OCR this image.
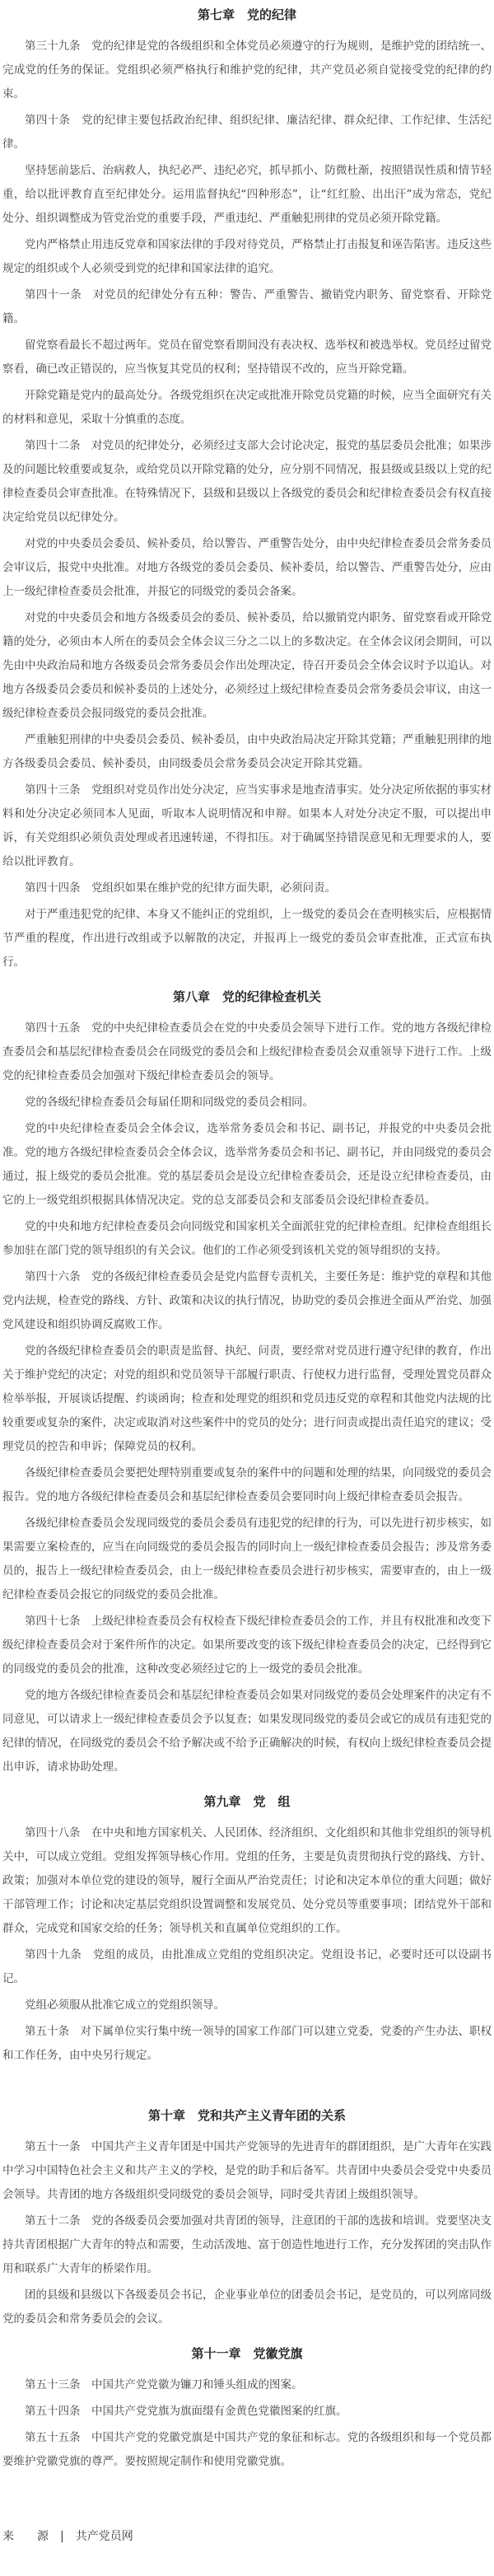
第七章　党的纪律

第三十九条　党的纪律是党的各级组织和全体党员必须遵守的行为规则，是维护党的团结统一、完成党的任务的保证。党组织必须严格执行和维护党的纪律，共产党员必须自觉接受党的纪律的约束。

第四十条　党的纪律主要包括政治纪律、组织纪律、廉洁纪律、群众纪律、工作纪律、生活纪律。

坚持惩前毖后、治病救人，执纪必严、违纪必究，抓早抓小、防微杜渐，按照错误性质和情节轻重，给以批评教育直至纪律处分。运用监督执纪“四种形态”，让“红红脸、出出汗”成为常态，党纪处分、组织调整成为管党治党的重要手段，严重违纪、严重触犯刑律的党员必须开除党籍。

党内严格禁止用违反党章和国家法律的手段对待党员，严格禁止打击报复和诬告陷害。违反这些规定的组织或个人必须受到党的纪律和国家法律的追究。

第四十一条　对党员的纪律处分有五种：警告、严重警告、撤销党内职务、留党察看、开除党籍。

留党察看最长不超过两年。党员在留党察看期间没有表决权、选举权和被选举权。党员经过留党察看，确已改正错误的，应当恢复其党员的权利；坚持错误不改的，应当开除党籍。

开除党籍是党内的最高处分。各级党组织在决定或批准开除党员党籍的时候，应当全面研究有关的材料和意见，采取十分慎重的态度。

第四十二条　对党员的纪律处分，必须经过支部大会讨论决定，报党的基层委员会批准；如果涉及的问题比较重要或复杂，或给党员以开除党籍的处分，应分别不同情况，报县级或县级以上党的纪律检查委员会审查批准。在特殊情况下，县级和县级以上各级党的委员会和纪律检查委员会有权直接决定给党员以纪律处分。

对党的中央委员会委员、候补委员，给以警告、严重警告处分，由中央纪律检查委员会常务委员会审议后，报党中央批准。对地方各级党的委员会委员、候补委员，给以警告、严重警告处分，应由上一级纪律检查委员会批准，并报它的同级党的委员会备案。

对党的中央委员会和地方各级委员会的委员、候补委员，给以撤销党内职务、留党察看或开除党籍的处分，必须由本人所在的委员会全体会议三分之二以上的多数决定。在全体会议闭会期间，可以先由中央政治局和地方各级委员会常务委员会作出处理决定，待召开委员会全体会议时予以追认。对地方各级委员会委员和候补委员的上述处分，必须经过上级纪律检查委员会常务委员会审议，由这一级纪律检查委员会报同级党的委员会批准。

严重触犯刑律的中央委员会委员、候补委员，由中央政治局决定开除其党籍；严重触犯刑律的地方各级委员会委员、候补委员，由同级委员会常务委员会决定开除其党籍。

第四十三条　党组织对党员作出处分决定，应当实事求是地查清事实。处分决定所依据的事实材料和处分决定必须同本人见面，听取本人说明情况和申辩。如果本人对处分决定不服，可以提出申诉，有关党组织必须负责处理或者迅速转递，不得扣压。对于确属坚持错误意见和无理要求的人，要给以批评教育。

第四十四条　党组织如果在维护党的纪律方面失职，必须问责。

对于严重违犯党的纪律、本身又不能纠正的党组织，上一级党的委员会在查明核实后，应根据情节严重的程度，作出进行改组或予以解散的决定，并报再上一级党的委员会审查批准，正式宣布执行。

第八章　党的纪律检查机关

第四十五条　党的中央纪律检查委员会在党的中央委员会领导下进行工作。党的地方各级纪律检查委员会和基层纪律检查委员会在同级党的委员会和上级纪律检查委员会双重领导下进行工作。上级党的纪律检查委员会加强对下级纪律检查委员会的领导。

党的各级纪律检查委员会每届任期和同级党的委员会相同。

党的中央纪律检查委员会全体会议，选举常务委员会和书记、副书记，并报党的中央委员会批准。党的地方各级纪律检查委员会全体会议，选举常务委员会和书记、副书记，并由同级党的委员会通过，报上级党的委员会批准。党的基层委员会是设立纪律检查委员会，还是设立纪律检查委员，由它的上一级党组织根据具体情况决定。党的总支部委员会和支部委员会设纪律检查委员。

党的中央和地方纪律检查委员会向同级党和国家机关全面派驻党的纪律检查组。纪律检查组组长参加驻在部门党的领导组织的有关会议。他们的工作必须受到该机关党的领导组织的支持。

第四十六条　党的各级纪律检查委员会是党内监督专责机关，主要任务是：维护党的章程和其他党内法规，检查党的路线、方针、政策和决议的执行情况，协助党的委员会推进全面从严治党、加强党风建设和组织协调反腐败工作。

党的各级纪律检查委员会的职责是监督、执纪、问责，要经常对党员进行遵守纪律的教育，作出关于维护党纪的决定；对党的组织和党员领导干部履行职责、行使权力进行监督，受理处置党员群众检举举报，开展谈话提醒、约谈函询；检查和处理党的组织和党员违反党的章程和其他党内法规的比较重要或复杂的案件，决定或取消对这些案件中的党员的处分；进行问责或提出责任追究的建议；受理党员的控告和申诉；保障党员的权利。

各级纪律检查委员会要把处理特别重要或复杂的案件中的问题和处理的结果，向同级党的委员会报告。党的地方各级纪律检查委员会和基层纪律检查委员会要同时向上级纪律检查委员会报告。

各级纪律检查委员会发现同级党的委员会委员有违犯党的纪律的行为，可以先进行初步核实，如果需要立案检查的，应当在向同级党的委员会报告的同时向上一级纪律检查委员会报告；涉及常务委员的，报告上一级纪律检查委员会，由上一级纪律检查委员会进行初步核实，需要审查的，由上一级纪律检查委员会报它的同级党的委员会批准。

第四十七条　上级纪律检查委员会有权检查下级纪律检查委员会的工作，并且有权批准和改变下级纪律检查委员会对于案件所作的决定。如果所要改变的该下级纪律检查委员会的决定，已经得到它的同级党的委员会的批准，这种改变必须经过它的上一级党的委员会批准。

党的地方各级纪律检查委员会和基层纪律检查委员会如果对同级党的委员会处理案件的决定有不同意见，可以请求上一级纪律检查委员会予以复查；如果发现同级党的委员会或它的成员有违犯党的纪律的情况，在同级党的委员会不给予解决或不给予正确解决的时候，有权向上级纪律检查委员会提出申诉，请求协助处理。

第九章　党　组

第四十八条　在中央和地方国家机关、人民团体、经济组织、文化组织和其他非党组织的领导机关中，可以成立党组。党组发挥领导核心作用。党组的任务，主要是负责贯彻执行党的路线、方针、政策；加强对本单位党的建设的领导，履行全面从严治党责任；讨论和决定本单位的重大问题；做好干部管理工作；讨论和决定基层党组织设置调整和发展党员、处分党员等重要事项；团结党外干部和群众，完成党和国家交给的任务；领导机关和直属单位党组织的工作。

第四十九条　党组的成员，由批准成立党组的党组织决定。党组设书记，必要时还可以设副书记。

党组必须服从批准它成立的党组织领导。

第五十条　对下属单位实行集中统一领导的国家工作部门可以建立党委，党委的产生办法、职权和工作任务，由中央另行规定。

第十章　党和共产主义青年团的关系

第五十一条　中国共产主义青年团是中国共产党领导的先进青年的群团组织，是广大青年在实践中学习中国特色社会主义和共产主义的学校，是党的助手和后备军。共青团中央委员会受党中央委员会领导。共青团的地方各级组织受同级党的委员会领导，同时受共青团上级组织领导。

第五十二条　党的各级委员会要加强对共青团的领导，注意团的干部的选拔和培训。党要坚决支持共青团根据广大青年的特点和需要，生动活泼地、富于创造性地进行工作，充分发挥团的突击队作用和联系广大青年的桥梁作用。

团的县级和县级以下各级委员会书记，企业事业单位的团委员会书记，是党员的，可以列席同级党的委员会和常务委员会的会议。

第十一章　党徽党旗

第五十三条　中国共产党党徽为镰刀和锤头组成的图案。

第五十四条　中国共产党党旗为旗面缀有金黄色党徽图案的红旗。

第五十五条　中国共产党的党徽党旗是中国共产党的象征和标志。党的各级组织和每一个党员都要维护党徽党旗的尊严。要按照规定制作和使用党徽党旗。

来　　源　|　共产党员网
